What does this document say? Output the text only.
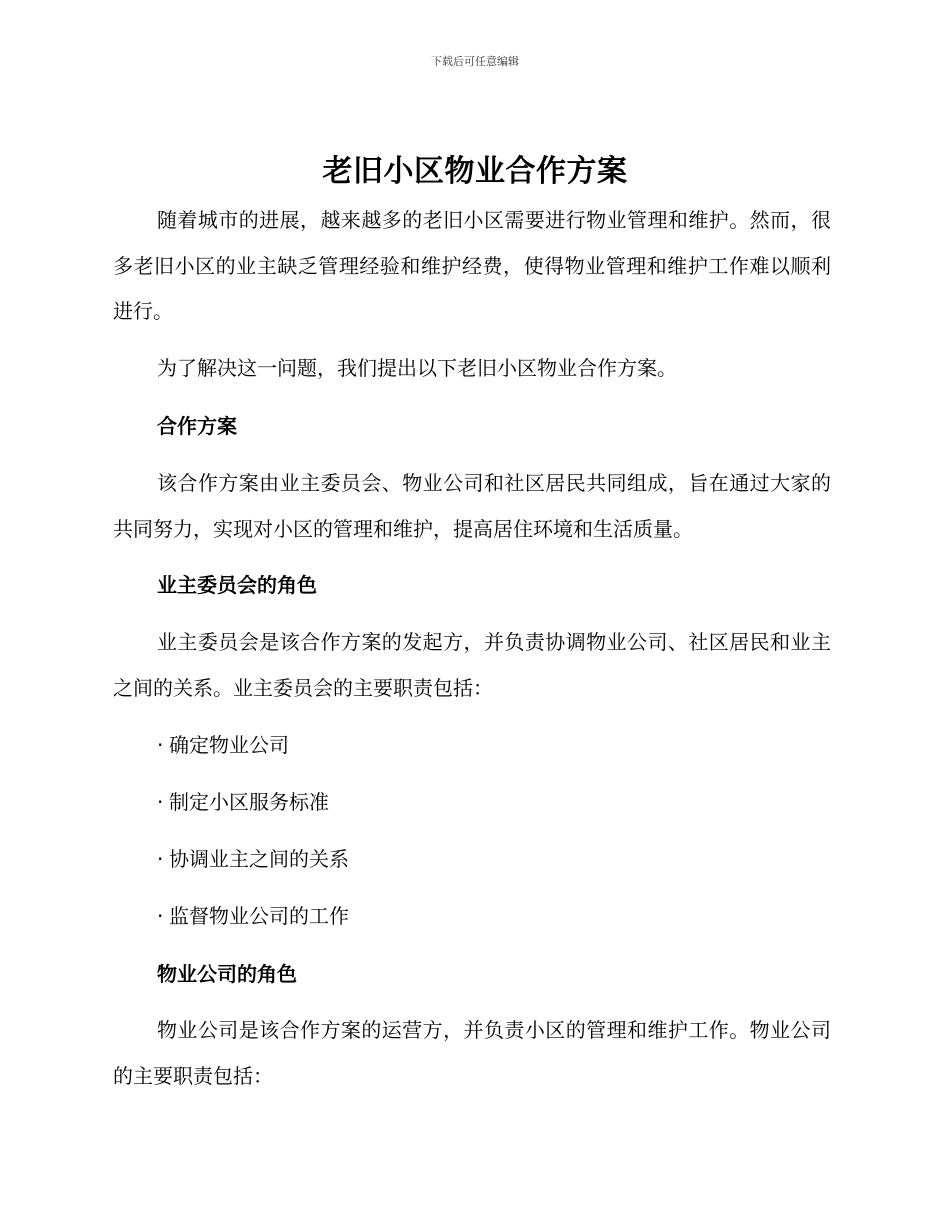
下载后可任意编辑
老旧小区物业合作方案

随着城市的进展，越来越多的老旧小区需要进行物业管理和维护。然而，很多老旧小区的业主缺乏管理经验和维护经费，使得物业管理和维护工作难以顺利进行。

为了解决这一问题，我们提出以下老旧小区物业合作方案。

合作方案

该合作方案由业主委员会、物业公司和社区居民共同组成，旨在通过大家的共同努力，实现对小区的管理和维护，提高居住环境和生活质量。

业主委员会的角色

业主委员会是该合作方案的发起方，并负责协调物业公司、社区居民和业主之间的关系。业主委员会的主要职责包括：

· 确定物业公司
· 制定小区服务标准
· 协调业主之间的关系
· 监督物业公司的工作
物业公司的角色

物业公司是该合作方案的运营方，并负责小区的管理和维护工作。物业公司的主要职责包括：
